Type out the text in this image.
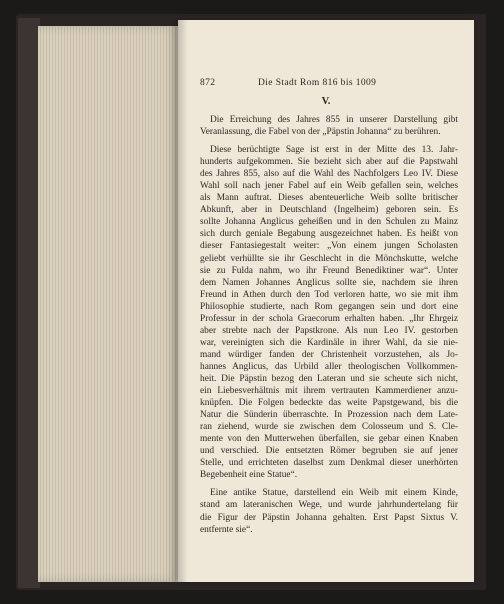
872	Die Stadt Rom 816 bis 1009
V.

Die Erreichung des Jahres 855 in unserer Darstellung gibt
Veranlassung, die Fabel von der „Päpstin Johanna“ zu berühren.

Diese berüchtigte Sage ist erst in der Mitte des 13. Jahr-
hunderts aufgekommen. Sie bezieht sich aber auf die Papstwahl
des Jahres 855, also auf die Wahl des Nachfolgers Leo IV. Diese
Wahl soll nach jener Fabel auf ein Weib gefallen sein, welches
als Mann auftrat. Dieses abenteuerliche Weib sollte britischer
Abkunft, aber in Deutschland (Ingelheim) geboren sein. Es
sollte Johanna Anglicus geheißen und in den Schulen zu Mainz
sich durch geniale Begabung ausgezeichnet haben. Es heißt von
dieser Fantasiegestalt weiter: „Von einem jungen Scholasten
geliebt verhüllte sie ihr Geschlecht in die Mönchskutte, welche
sie zu Fulda nahm, wo ihr Freund Benediktiner war“. Unter
dem Namen Johannes Anglicus sollte sie, nachdem sie ihren
Freund in Athen durch den Tod verloren hatte, wo sie mit ihm
Philosophie studierte, nach Rom gegangen sein und dort eine
Professur in der schola Graecorum erhalten haben. „Ihr Ehrgeiz
aber strebte nach der Papstkrone. Als nun Leo IV. gestorben
war, vereinigten sich die Kardinäle in ihrer Wahl, da sie nie-
mand würdiger fanden der Christenheit vorzustehen, als Jo-
hannes Anglicus, das Urbild aller theologischen Vollkommen-
heit. Die Päpstin bezog den Lateran und sie scheute sich nicht,
ein Liebesverhältnis mit ihrem vertrauten Kammerdiener anzu-
knüpfen. Die Folgen bedeckte das weite Papstgewand, bis die
Natur die Sünderin überraschte. In Prozession nach dem Late-
ran ziehend, wurde sie zwischen dem Colosseum und S. Cle-
mente von den Mutterwehen überfallen, sie gebar einen Knaben
und verschied. Die entsetzten Römer begruben sie auf jener
Stelle, und errichteten daselbst zum Denkmal dieser unerhörten
Begebenheit eine Statue“.

Eine antike Statue, darstellend ein Weib mit einem Kinde,
stand am lateranischen Wege, und wurde jahrhundertelang für
die Figur der Päpstin Johanna gehalten. Erst Papst Sixtus V.
entfernte sie“.
